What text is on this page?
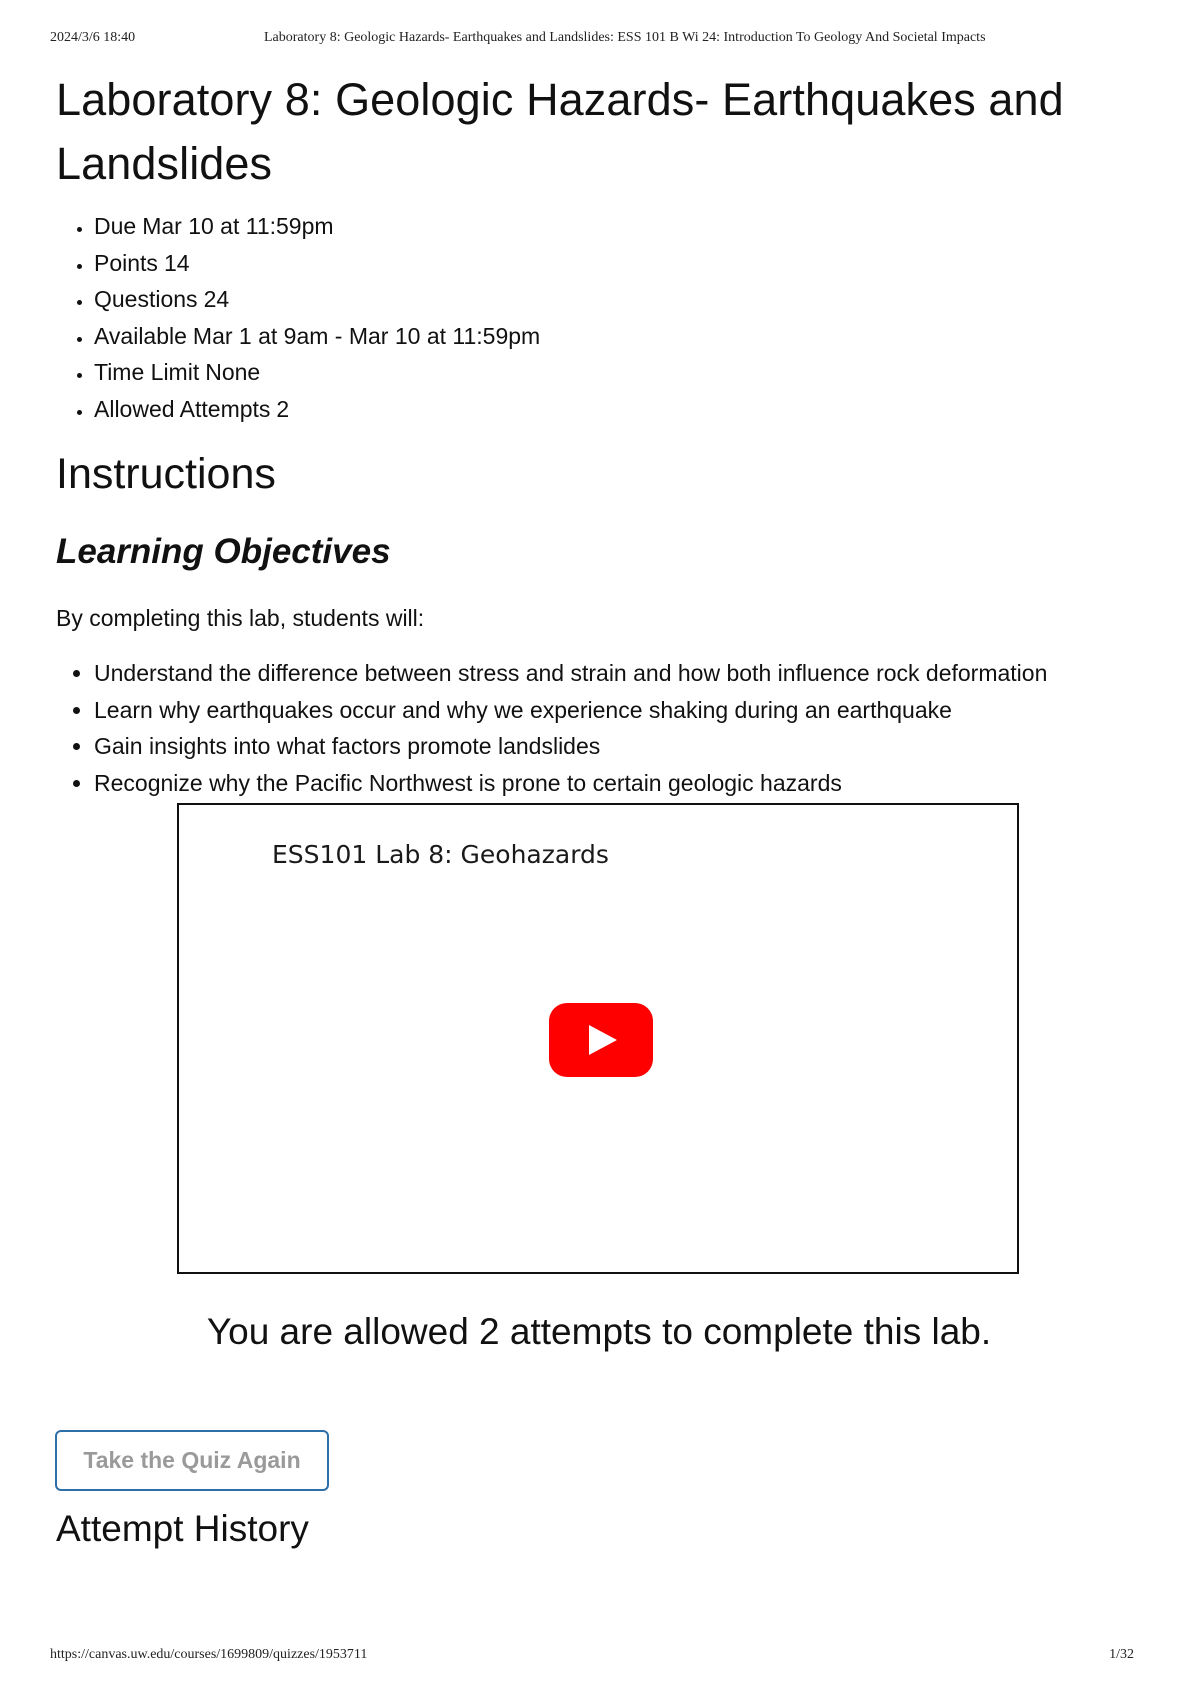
2024/3/6 18:40	Laboratory 8: Geologic Hazards- Earthquakes and Landslides: ESS 101 B Wi 24: Introduction To Geology And Societal Impacts
Laboratory 8: Geologic Hazards- Earthquakes and Landslides
• Due Mar 10 at 11:59pm
• Points 14
• Questions 24
• Available Mar 1 at 9am - Mar 10 at 11:59pm
• Time Limit None
• Allowed Attempts 2
Instructions
Learning Objectives

By completing this lab, students will:

• Understand the difference between stress and strain and how both influence rock deformation
• Learn why earthquakes occur and why we experience shaking during an earthquake
• Gain insights into what factors promote landslides
• Recognize why the Pacific Northwest is prone to certain geologic hazards
ESS101 Lab 8: Geohazards
You are allowed 2 attempts to complete this lab.
Take the Quiz Again
Attempt History
https://canvas.uw.edu/courses/1699809/quizzes/1953711	1/32
